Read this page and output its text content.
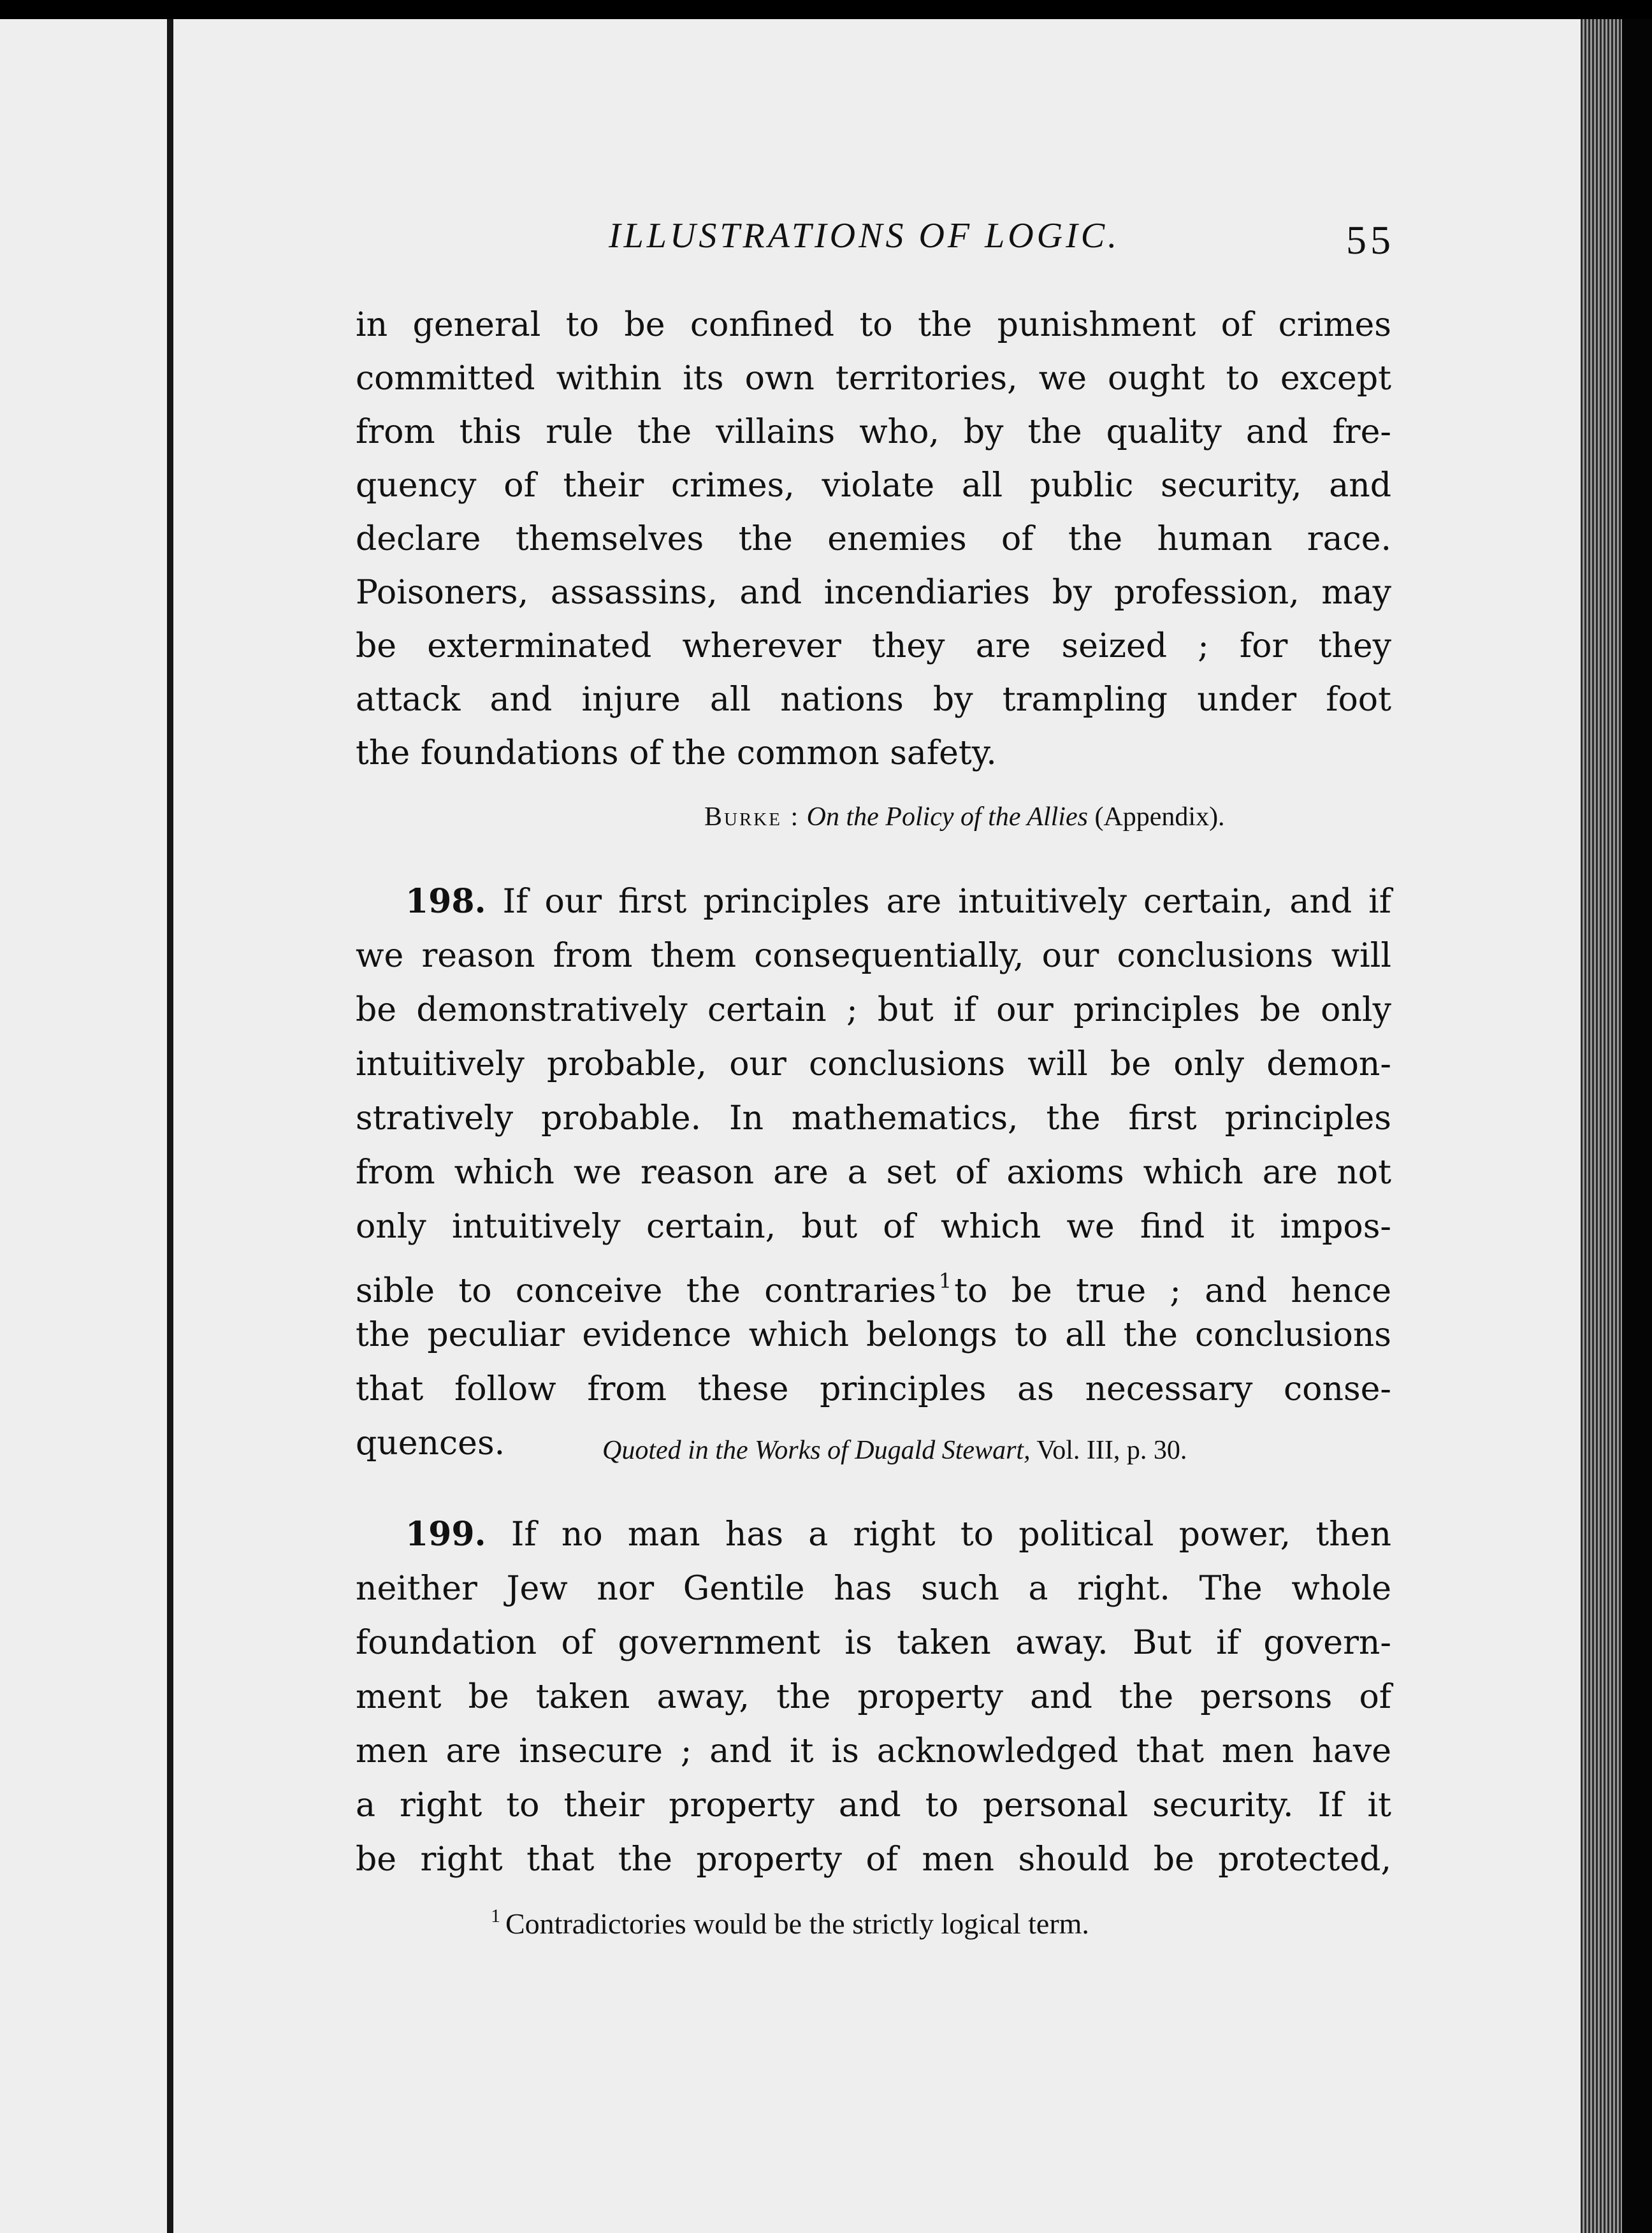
ILLUSTRATIONS OF LOGIC.	55
in general to be confined to the punishment of crimes
committed within its own territories, we ought to except
from this rule the villains who, by the quality and fre-
quency of their crimes, violate all public security, and
declare themselves the enemies of the human race.
Poisoners, assassins, and incendiaries by profession, may
be exterminated wherever they are seized ; for they
attack and injure all nations by trampling under foot
the foundations of the common safety.
Burke : On the Policy of the Allies (Appendix).
198. If our first principles are intuitively certain, and if
we reason from them consequentially, our conclusions will
be demonstratively certain ; but if our principles be only
intuitively probable, our conclusions will be only demon-
stratively probable. In mathematics, the first principles
from which we reason are a set of axioms which are not
only intuitively certain, but of which we find it impos-
sible to conceive the contraries $^1$to be true ; and hence
the peculiar evidence which belongs to all the conclusions
that follow from these principles as necessary conse-
quences.	Quoted in the Works of Dugald Stewart, Vol. III, p. 30.
199. If no man has a right to political power, then
neither Jew nor Gentile has such a right. The whole
foundation of government is taken away. But if govern-
ment be taken away, the property and the persons of
men are insecure ; and it is acknowledged that men have
a right to their property and to personal security. If it
be right that the property of men should be protected,
$^1$ Contradictories would be the strictly logical term.
